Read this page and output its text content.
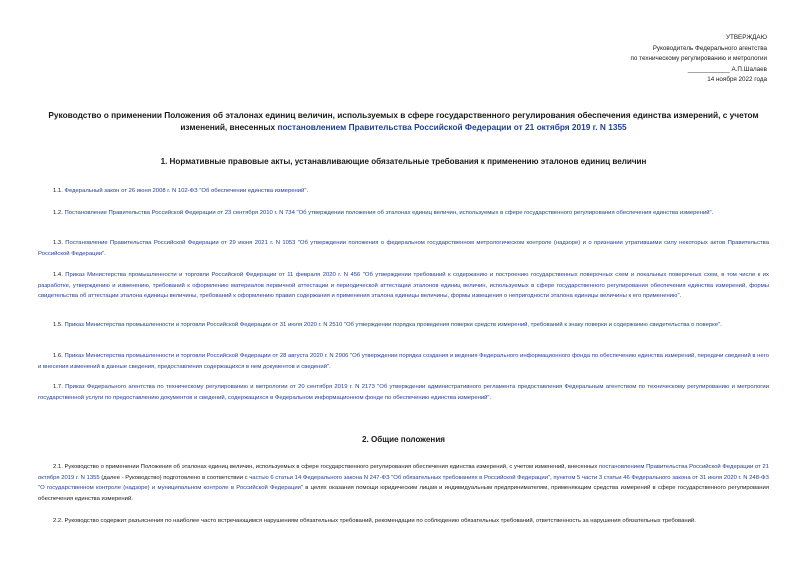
УТВЕРЖДАЮ
Руководитель Федерального агентства
по техническому регулированию и метрологии
____________ А.П.Шалаев
14 ноября 2022 года
Руководство о применении Положения об эталонах единиц величин, используемых в сфере государственного регулирования обеспечения единства измерений, с учетом изменений, внесенных постановлением Правительства Российской Федерации от 21 октября 2019 г. N 1355
1. Нормативные правовые акты, устанавливающие обязательные требования к применению эталонов единиц величин
1.1. Федеральный закон от 26 июня 2008 г. N 102-ФЗ "Об обеспечении единства измерений".
1.2. Постановление Правительства Российской Федерации от 23 сентября 2010 г. N 734 "Об утверждении положения об эталонах единиц величин, используемых в сфере государственного регулирования обеспечения единства измерений".
1.3. Постановление Правительства Российской Федерации от 29 июня 2021 г. N 1053 "Об утверждении положения о федеральном государственном метрологическом контроле (надзоре) и о признании утратившими силу некоторых актов Правительства Российской Федерации".
1.4. Приказ Министерства промышленности и торговли Российской Федерации от 11 февраля 2020 г. N 456 "Об утверждении требований к содержанию и построению государственных поверочных схем и локальных поверочных схем, в том числе к их разработке, утверждению и изменению, требований к оформлению материалов первичной аттестации и периодической аттестации эталонов единиц величин, используемых в сфере государственного регулирования обеспечения единства измерений, формы свидетельства об аттестации эталона единицы величины, требований к оформлению правил содержания и применения эталона единицы величины, формы извещения о непригодности эталона единицы величины к его применению".
1.5. Приказ Министерства промышленности и торговли Российской Федерации от 31 июля 2020 г. N 2510 "Об утверждении порядка проведения поверки средств измерений, требований к знаку поверки и содержанию свидетельства о поверке".
1.6. Приказ Министерства промышленности и торговли Российской Федерации от 28 августа 2020 г. N 2906 "Об утверждении порядка создания и ведения Федерального информационного фонда по обеспечению единства измерений, передачи сведений в него и внесения изменений в данные сведения, предоставления содержащихся в нем документов и сведений".
1.7. Приказ Федерального агентства по техническому регулированию и метрологии от 20 сентября 2019 г. N 2173 "Об утверждении административного регламента предоставления Федеральным агентством по техническому регулированию и метрологии государственной услуги по предоставлению документов и сведений, содержащихся в Федеральном информационном фонде по обеспечению единства измерений".
2. Общие положения
2.1. Руководство о применении Положения об эталонах единиц величин, используемых в сфере государственного регулирования обеспечения единства измерений, с учетом изменений, внесенных постановлением Правительства Российской Федерации от 21 октября 2019 г. N 1355 (далее - Руководство) подготовлено в соответствии с частью 6 статьи 14 Федерального закона N 247-ФЗ "Об обязательных требованиях в Российской Федерации", пунктом 5 части 3 статьи 46 Федерального закона от 31 июля 2020 г. N 248-ФЗ "О государственном контроле (надзоре) и муниципальном контроле в Российской Федерации" в целях оказания помощи юридическим лицам и индивидуальным предпринимателям, применяющим средства измерений в сфере государственного регулирования обеспечения единства измерений.
2.2. Руководство содержит разъяснения по наиболее часто встречающимся нарушениям обязательных требований, рекомендации по соблюдению обязательных требований, ответственность за нарушения обязательных требований.
